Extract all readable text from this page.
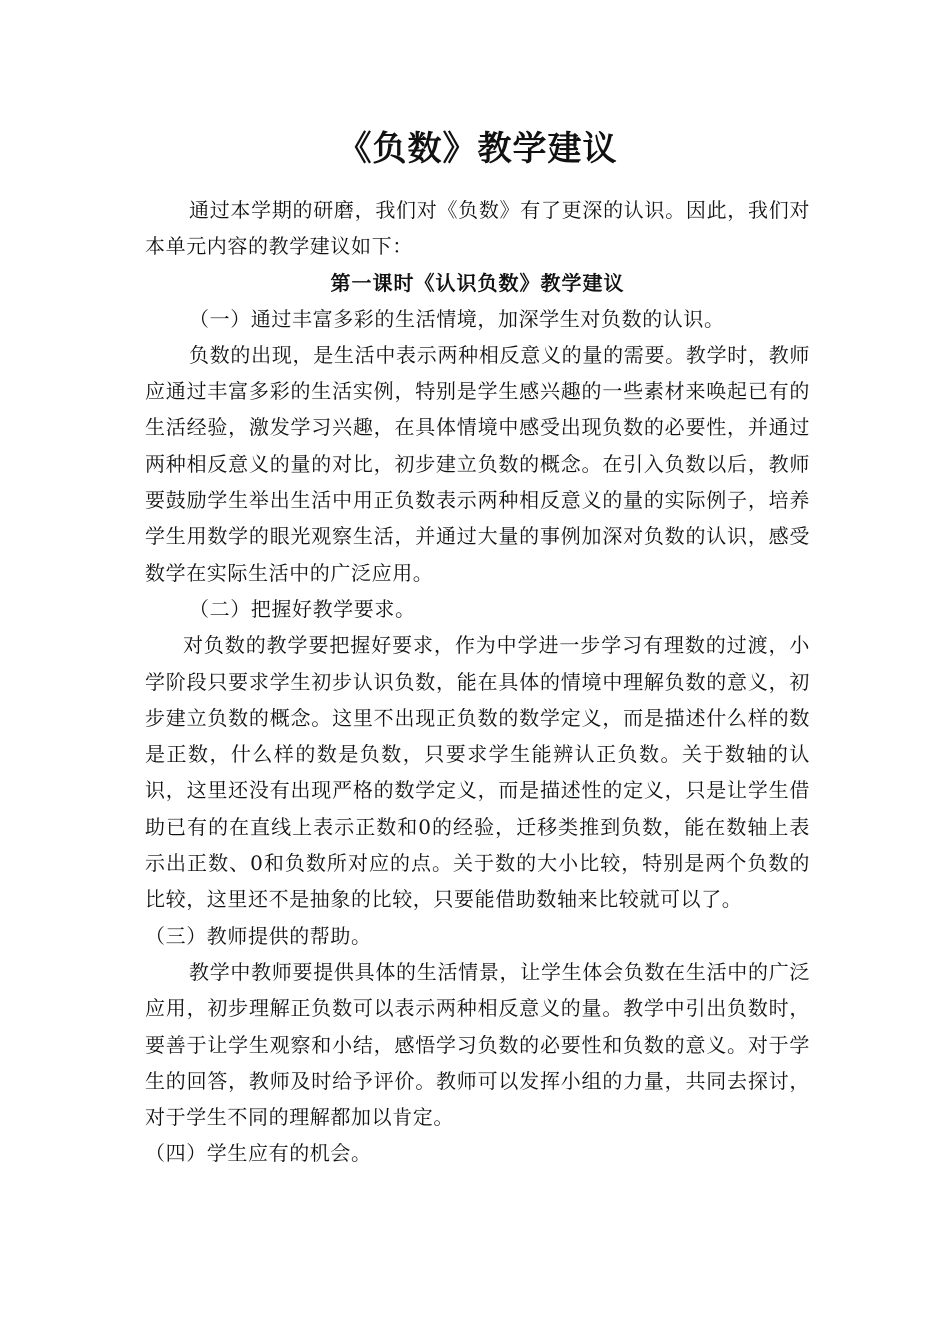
《负数》教学建议

通过本学期的研磨，我们对《负数》有了更深的认识。因此，我们对本单元内容的教学建议如下：

第一课时《认识负数》教学建议

（一）通过丰富多彩的生活情境，加深学生对负数的认识。

负数的出现，是生活中表示两种相反意义的量的需要。教学时，教师应通过丰富多彩的生活实例，特别是学生感兴趣的一些素材来唤起已有的生活经验，激发学习兴趣，在具体情境中感受出现负数的必要性，并通过两种相反意义的量的对比，初步建立负数的概念。在引入负数以后，教师要鼓励学生举出生活中用正负数表示两种相反意义的量的实际例子，培养学生用数学的眼光观察生活，并通过大量的事例加深对负数的认识，感受数学在实际生活中的广泛应用。

（二）把握好教学要求。

对负数的教学要把握好要求，作为中学进一步学习有理数的过渡，小学阶段只要求学生初步认识负数，能在具体的情境中理解负数的意义，初步建立负数的概念。这里不出现正负数的数学定义，而是描述什么样的数是正数，什么样的数是负数，只要求学生能辨认正负数。关于数轴的认识，这里还没有出现严格的数学定义，而是描述性的定义，只是让学生借助已有的在直线上表示正数和0的经验，迁移类推到负数，能在数轴上表示出正数、0和负数所对应的点。关于数的大小比较，特别是两个负数的比较，这里还不是抽象的比较，只要能借助数轴来比较就可以了。

（三）教师提供的帮助。

教学中教师要提供具体的生活情景，让学生体会负数在生活中的广泛应用，初步理解正负数可以表示两种相反意义的量。教学中引出负数时，要善于让学生观察和小结，感悟学习负数的必要性和负数的意义。对于学生的回答，教师及时给予评价。教师可以发挥小组的力量，共同去探讨，对于学生不同的理解都加以肯定。

（四）学生应有的机会。
